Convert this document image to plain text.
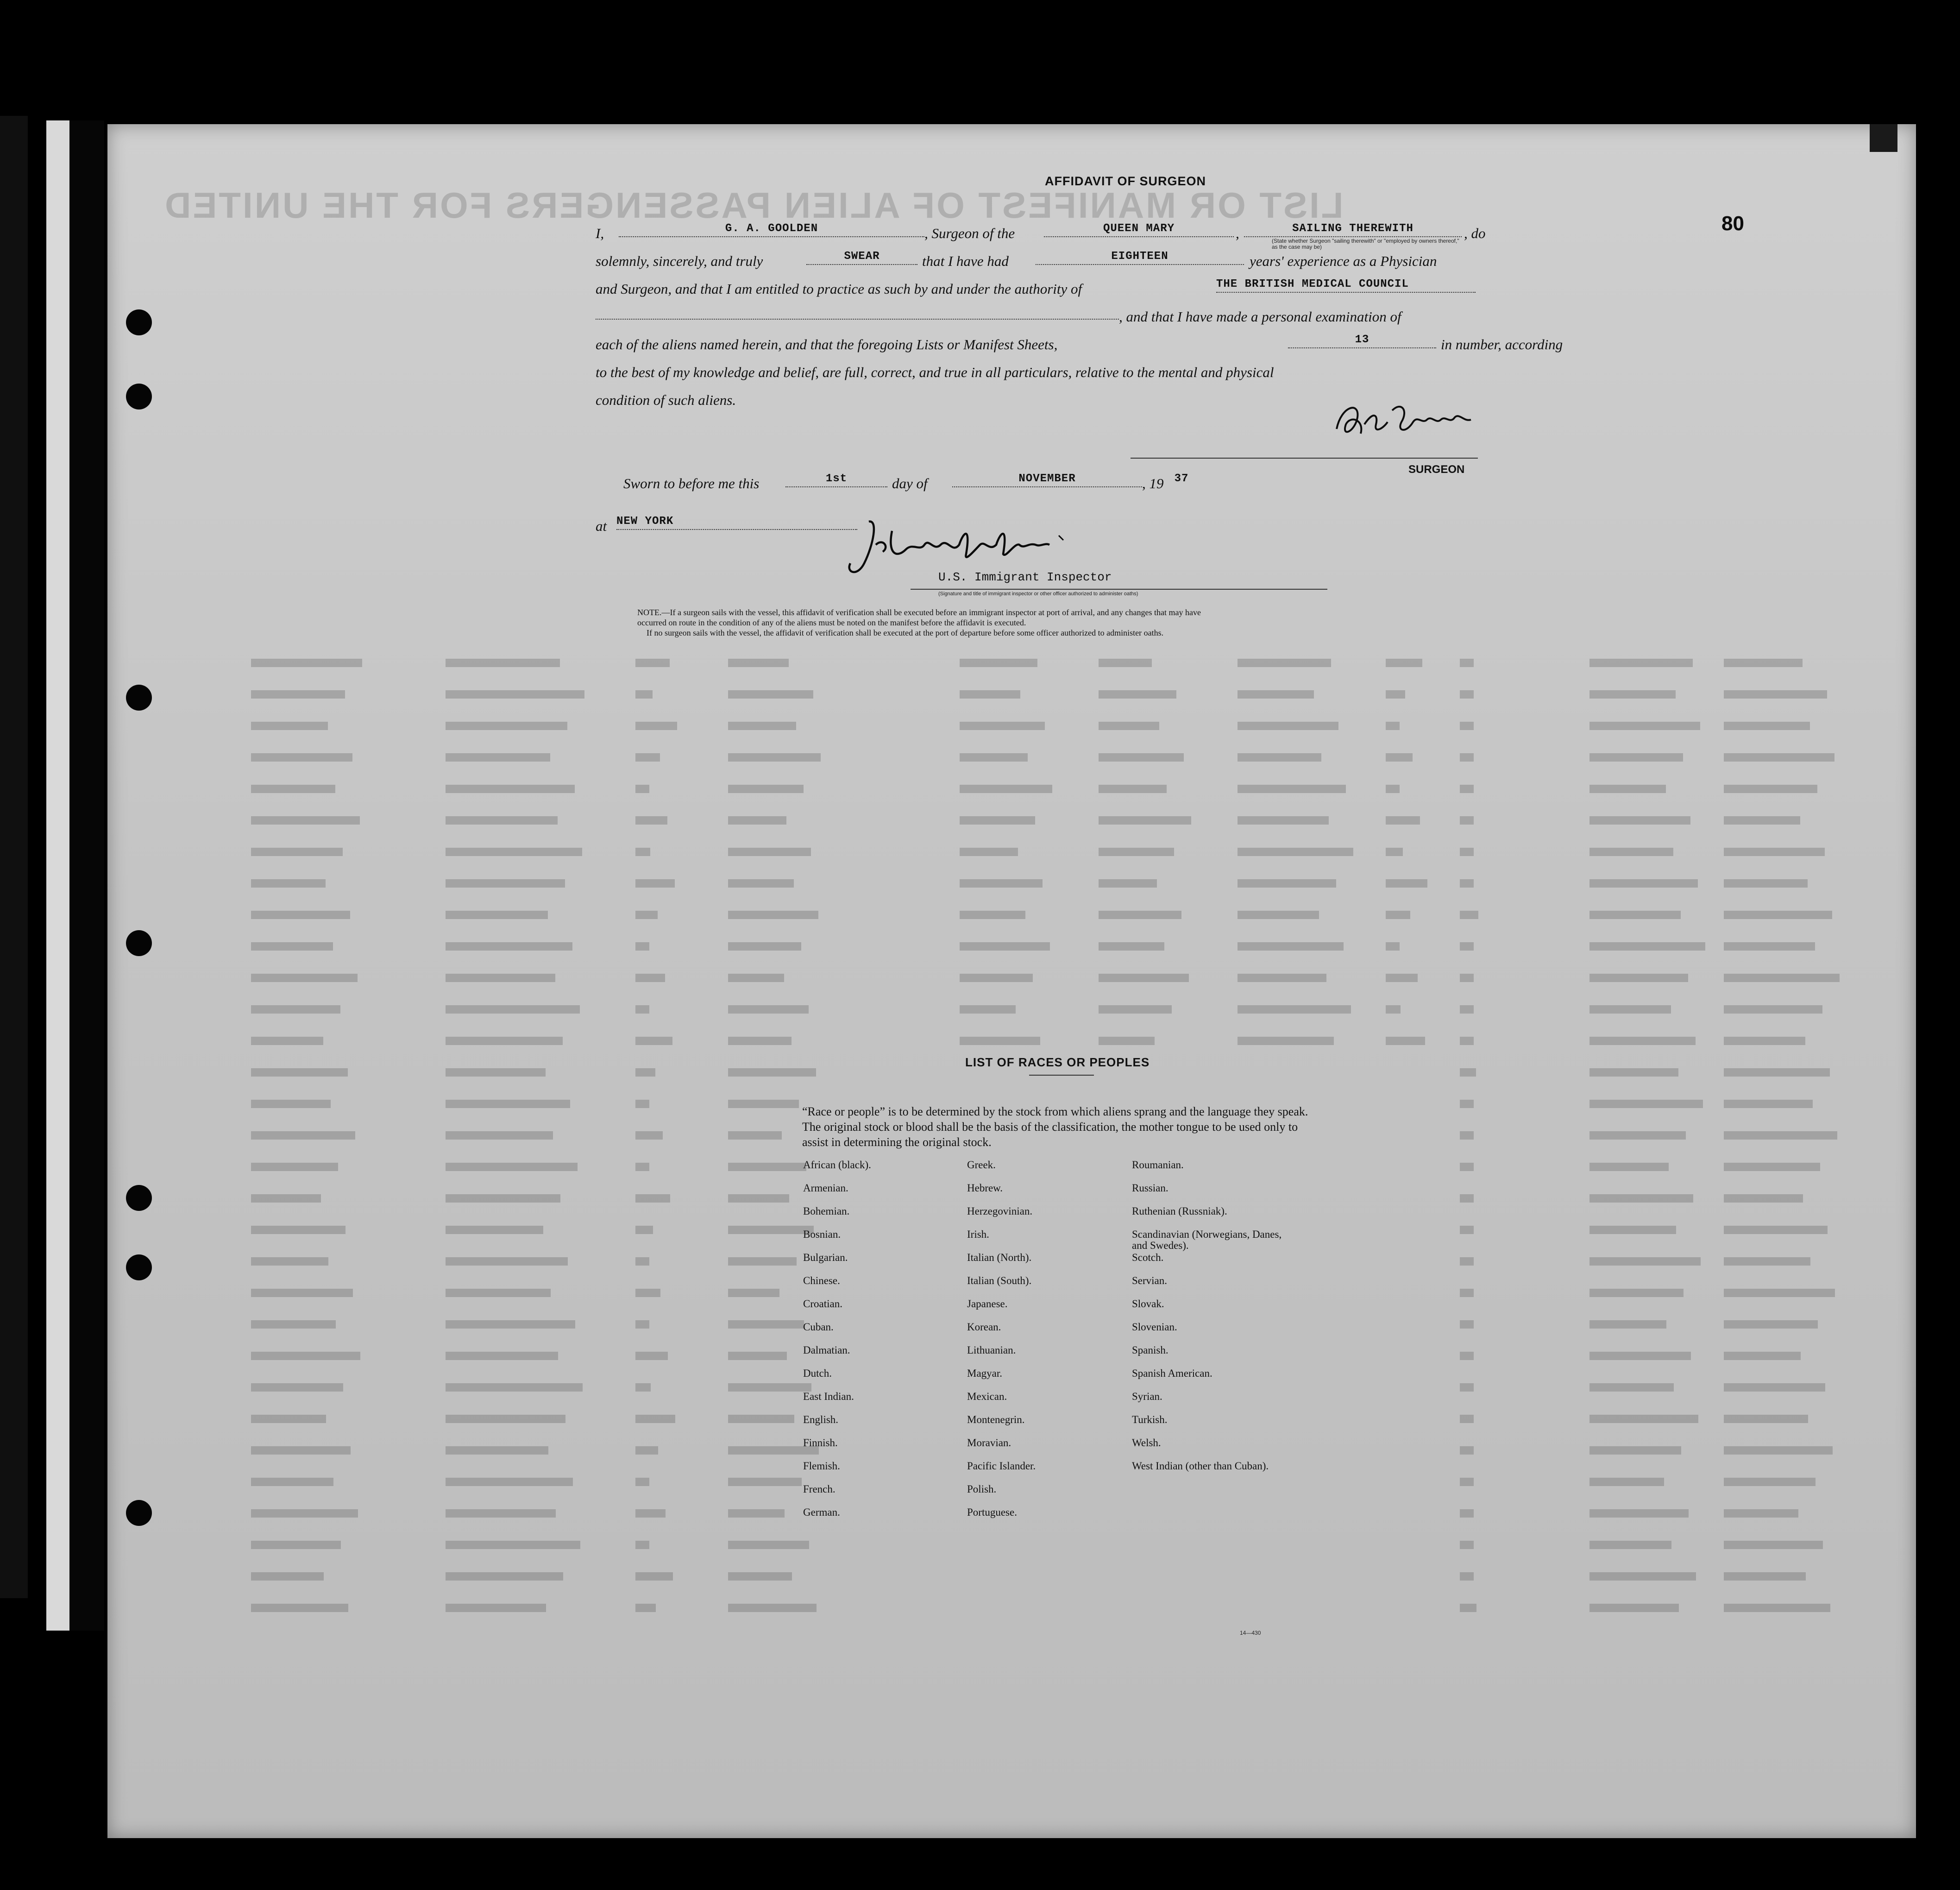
LIST OR MANIFEST OF ALIEN PASSENGERS FOR THE UNITED	80
AFFIDAVIT OF SURGEON
I,	G. A. GOOLDEN	, Surgeon of the	QUEEN MARY	,	SAILING THEREWITH
(State whether Surgeon "sailing therewith" or "employed by owners thereof," as the case may be)
, do
solemnly, sincerely, and truly	SWEAR	that I have had	EIGHTEEN	years' experience as a Physician
and Surgeon, and that I am entitled to practice as such by and under the authority of	THE BRITISH MEDICAL COUNCIL
, and that I have made a personal examination of
each of the aliens named herein, and that the foregoing Lists or Manifest Sheets,	13	in number, according
to the best of my knowledge and belief, are full, correct, and true in all particulars, relative to the mental and physical
condition of such aliens.
SURGEON
Sworn to before me this	1st	day of	NOVEMBER	, 19 37
at NEW YORK
U.S. Immigrant Inspector
(Signature and title of immigrant inspector or other officer authorized to administer oaths)
NOTE.—If a surgeon sails with the vessel, this affidavit of verification shall be executed before an immigrant inspector at port of arrival, and any changes that may have
occurred on route in the condition of any of the aliens must be noted on the manifest before the affidavit is executed.
If no surgeon sails with the vessel, the affidavit of verification shall be executed at the port of departure before some officer authorized to administer oaths.
LIST OF RACES OR PEOPLES
“Race or people” is to be determined by the stock from which aliens sprang and the language they speak. The original stock or blood shall be the basis of the classification, the mother tongue to be used only to assist in determining the original stock.
African (black).
Armenian.
Bohemian.
Bosnian.
Bulgarian.
Chinese.
Croatian.
Cuban.
Dalmatian.
Dutch.
East Indian.
English.
Finnish.
Flemish.
French.
German.
Greek.
Hebrew.
Herzegovinian.
Irish.
Italian (North).
Italian (South).
Japanese.
Korean.
Lithuanian.
Magyar.
Mexican.
Montenegrin.
Moravian.
Pacific Islander.
Polish.
Portuguese.
Roumanian.
Russian.
Ruthenian (Russniak).
Scandinavian (Norwegians, Danes, and Swedes).
Scotch.
Servian.
Slovak.
Slovenian.
Spanish.
Spanish American.
Syrian.
Turkish.
Welsh.
West Indian (other than Cuban).
14—430
